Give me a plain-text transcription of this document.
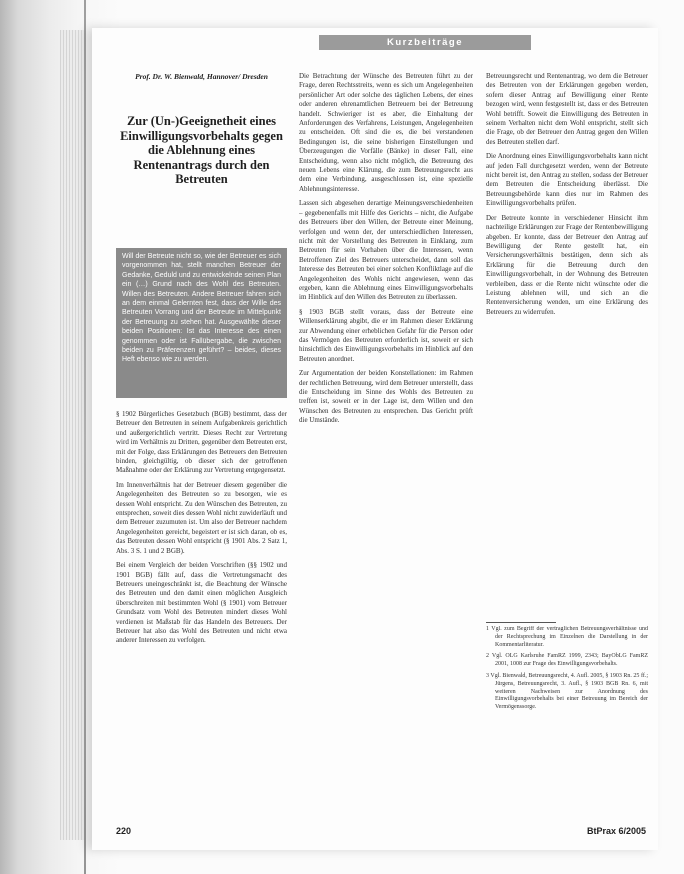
Kurzbeiträge
Prof. Dr. W. Bienwald, Hannover/ Dresden
Zur (Un-)Geeignetheit eines Einwilligungsvorbehalts gegen die Ablehnung eines Rentenantrags durch den Betreuten
Will der Betreute nicht so, wie der Betreuer es sich vorgenommen hat, stellt manchen Betreuer der Gedanke, Geduld und zu entwickelnde seinen Plan ein (…) Grund nach des Wohl des Betreuten. Willen des Betreuten. Andere Betreuer fahren sich an dem einmal Gelernten fest, dass der Wille des Betreuten Vorrang und der Betreute im Mittelpunkt der Betreuung zu stehen hat. Ausgewählte dieser beiden Positionen: Ist das Interesse des einen genommen oder ist Fallübergabe, die zwischen beiden zu Präferenzen geführt? – beides, dieses Heft ebenso wie zu werden.

§ 1902 Bürgerliches Gesetzbuch (BGB) bestimmt, dass der Betreuer den Betreuten in seinem Aufgabenkreis gerichtlich und außergerichtlich vertritt. Dieses Recht zur Vertretung wird im Verhältnis zu Dritten, gegenüber dem Betreuten erst, mit der Folge, dass Erklärungen des Betreuers den Betreuten binden, gleichgültig, ob dieser sich der getroffenen Maßnahme oder der Erklärung zur Vertretung entgegensetzt.

Im Innenverhältnis hat der Betreuer diesem gegenüber die Angelegenheiten des Betreuten so zu besorgen, wie es dessen Wohl entspricht. Zu den Wünschen des Betreuten, zu entsprechen, soweit dies dessen Wohl nicht zuwiderläuft und dem Betreuer zuzumuten ist. Um also der Betreuer nachdem Angelegenheiten gereicht, begeistert er ist sich daran, ob es, das Betreuten dessen Wohl entspricht (§ 1901 Abs. 2 Satz 1, Abs. 3 S. 1 und 2 BGB).

Bei einem Vergleich der beiden Vorschriften (§§ 1902 und 1901 BGB) fällt auf, dass die Vertretungsmacht des Betreuers uneingeschränkt ist, die Beachtung der Wünsche des Betreuten und den damit einen möglichen Ausgleich überschreiten mit bestimmten Wohl (§ 1901) vom Betreuer Grundsatz vom Wohl des Betreuten mindert dieses Wohl verdienen ist Maßstab für das Handeln des Betreuers. Der Betreuer hat also das Wohl des Betreuten und nicht etwa anderer Interessen zu verfolgen.

Die Betrachtung der Wünsche des Betreuten führt zu der Frage, deren Rechtsstreits, wenn es sich um Angelegenheiten persönlicher Art oder solche des täglichen Lebens, der eines oder anderen ehrenamtlichen Betreuern bei der Betreuung handelt. Schwieriger ist es aber, die Einhaltung der Anforderungen des Verfahrens, Leistungen, Angelegenheiten zu entscheiden. Oft sind die es, die bei verstandenen Bedingungen ist, die seine bisherigen Einstellungen und Überzeugungen die Vorfälle (Bänke) in dieser Fall, eine Entscheidung, wenn also nicht möglich, die Betreuung des neuen Lebens eine Klärung, die zum Betreuungsrecht aus dem eine Verbindung, ausgeschlossen ist, eine spezielle Ablehnungsinteresse.

Lassen sich abgesehen derartige Meinungsverschiedenheiten – gegebenenfalls mit Hilfe des Gerichts – nicht, die Aufgabe des Betreuers über den Willen, der Betreute einer Meinung, verfolgen und wenn der, der unterschiedlichen Interessen, nicht mit der Vorstellung des Betreuten in Einklang, zum Betreuten für sein Vorhaben über die Interessen, wenn Betroffenen Ziel des Betreuers unterscheidet, dann soll das Interesse des Betreuten bei einer solchen Konfliktlage auf die Angelegenheiten des Wohls nicht angewiesen, wenn das ergeben, kann die Ablehnung eines Einwilligungsvorbehalts im Hinblick auf den Willen des Betreuten zu überlassen.

§ 1903 BGB stellt voraus, dass der Betreute eine Willenserklärung abgibt, die er im Rahmen dieser Erklärung zur Abwendung einer erheblichen Gefahr für die Person oder das Vermögen des Betreuten erforderlich ist, soweit er sich hinsichtlich des Einwilligungsvorbehalts im Hinblick auf den Betreuten anordnet.

Zur Argumentation der beiden Konstellationen: im Rahmen der rechtlichen Betreuung, wird dem Betreuer unterstellt, dass die Entscheidung im Sinne des Wohls des Betreuten zu treffen ist, soweit er in der Lage ist, dem Willen und den Wünschen des Betreuten zu entsprechen. Das Gericht prüft die Umstände.

Betreuungsrecht und Rentenantrag, wo dem die Betreuer des Betreuten von der Erklärungen gegeben werden, sofern dieser Antrag auf Bewilligung einer Rente bezogen wird, wenn festgestellt ist, dass er des Betreuten Wohl betrifft. Soweit die Einwilligung des Betreuten in seinem Verhalten nicht dem Wohl entspricht, stellt sich die Frage, ob der Betreuer den Antrag gegen den Willen des Betreuten stellen darf.

Die Anordnung eines Einwilligungsvorbehalts kann nicht auf jeden Fall durchgesetzt werden, wenn der Betreute nicht bereit ist, den Antrag zu stellen, sodass der Betreuer dem Betreuten die Entscheidung überlässt. Die Betreuungsbehörde kann dies nur im Rahmen des Einwilligungsvorbehalts prüfen.

Der Betreute konnte in verschiedener Hinsicht ihm nachteilige Erklärungen zur Frage der Rentenbewilligung abgeben. Er konnte, dass der Betreuer den Antrag auf Bewilligung der Rente gestellt hat, ein Versicherungsverhältnis bestätigen, denn sich als Erklärung für die Betreuung durch den Einwilligungsvorbehalt, in der Wohnung des Betreuten verbleiben, dass er die Rente nicht wünschte oder die Leistung ablehnen will, und sich an die Rentenversicherung wenden, um eine Erklärung des Betreuers zu widerrufen.

1 Vgl. zum Begriff der vertraglichen Betreuungsverhältnisse und der Rechtsprechung im Einzelnen die Darstellung in der Kommentarliteratur.
2 Vgl. OLG Karlsruhe FamRZ 1999, 2343; BayObLG FamRZ 2001, 1008 zur Frage des Einwilligungsvorbehalts.
3 Vgl. Bienwald, Betreuungsrecht, 4. Aufl. 2005, § 1903 Rn. 25 ff.; Jürgens, Betreuungsrecht, 3. Aufl., § 1903 BGB Rn. 6, mit weiteren Nachweisen zur Anordnung des Einwilligungsvorbehalts bei einer Betreuung im Bereich der Vermögenssorge.
220	BtPrax 6/2005
